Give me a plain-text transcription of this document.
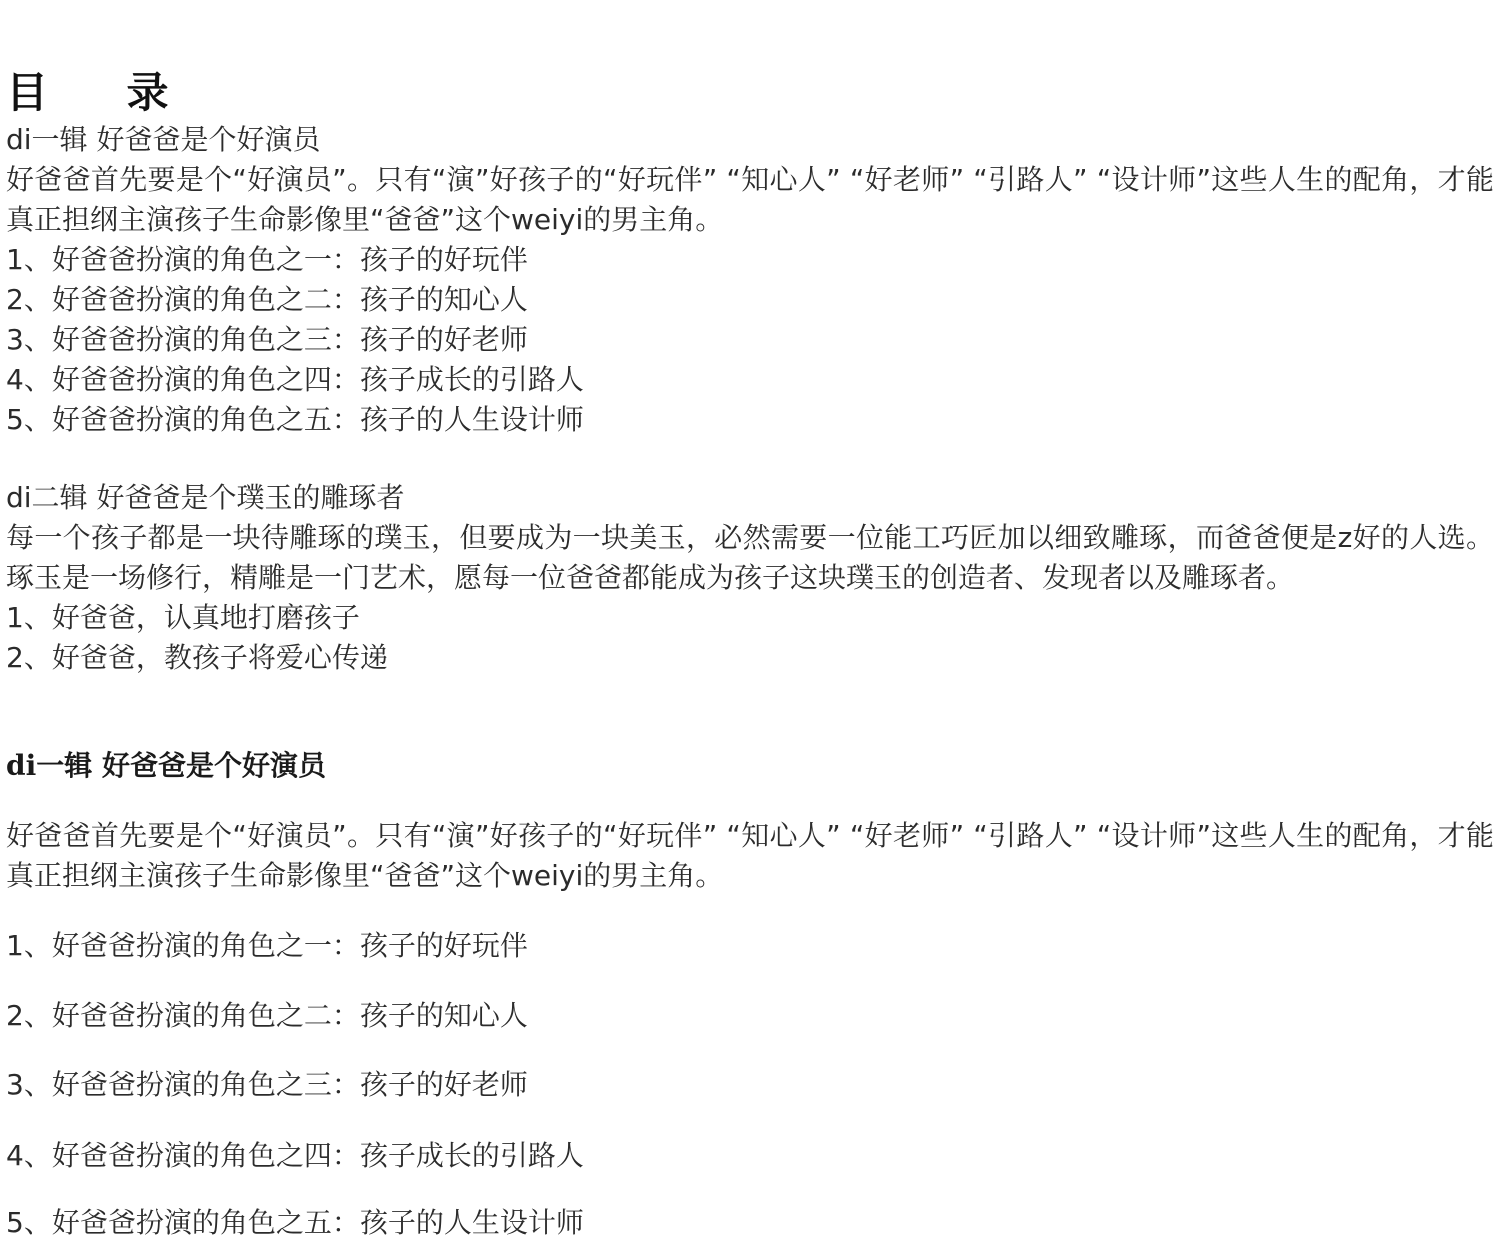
目    录
di一辑 好爸爸是个好演员
好爸爸首先要是个“好演员”。只有“演”好孩子的“好玩伴” “知心人” “好老师” “引路人” “设计师”这些人生的配角，才能真正担纲主演孩子生命影像里“爸爸”这个weiyi的男主角。
1、好爸爸扮演的角色之一：孩子的好玩伴
2、好爸爸扮演的角色之二：孩子的知心人
3、好爸爸扮演的角色之三：孩子的好老师
4、好爸爸扮演的角色之四：孩子成长的引路人
5、好爸爸扮演的角色之五：孩子的人生设计师
di二辑 好爸爸是个璞玉的雕琢者
每一个孩子都是一块待雕琢的璞玉，但要成为一块美玉，必然需要一位能工巧匠加以细致雕琢，而爸爸便是z好的人选。琢玉是一场修行，精雕是一门艺术，愿每一位爸爸都能成为孩子这块璞玉的创造者、发现者以及雕琢者。
1、好爸爸，认真地打磨孩子
2、好爸爸，教孩子将爱心传递
di一辑 好爸爸是个好演员
好爸爸首先要是个“好演员”。只有“演”好孩子的“好玩伴” “知心人” “好老师” “引路人” “设计师”这些人生的配角，才能真正担纲主演孩子生命影像里“爸爸”这个weiyi的男主角。
1、好爸爸扮演的角色之一：孩子的好玩伴
2、好爸爸扮演的角色之二：孩子的知心人
3、好爸爸扮演的角色之三：孩子的好老师
4、好爸爸扮演的角色之四：孩子成长的引路人
5、好爸爸扮演的角色之五：孩子的人生设计师
